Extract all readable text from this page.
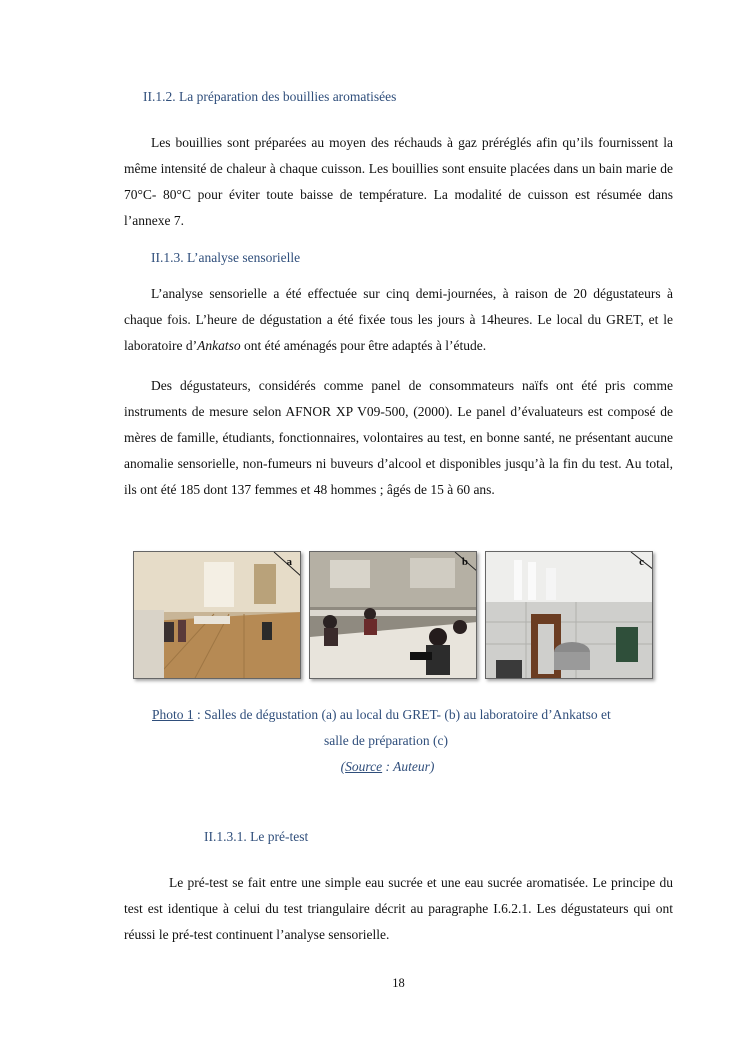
II.1.2. La préparation des bouillies aromatisées

Les bouillies sont préparées au moyen des réchauds à gaz préréglés afin qu’ils fournissent la même intensité de chaleur à chaque cuisson. Les bouillies sont ensuite placées dans un bain marie de 70°C- 80°C pour éviter toute baisse de température. La modalité de cuisson est résumée dans l’annexe 7.

II.1.3. L’analyse sensorielle

L’analyse sensorielle a été effectuée sur cinq demi-journées, à raison de 20 dégustateurs à chaque fois. L’heure de dégustation a été fixée tous les jours à 14heures. Le local du GRET, et le laboratoire d’Ankatso ont été aménagés pour être adaptés à l’étude.

Des dégustateurs, considérés comme panel de consommateurs naïfs ont été pris comme instruments de mesure selon AFNOR XP V09-500, (2000). Le panel d’évaluateurs est composé de mères de famille, étudiants, fonctionnaires, volontaires au test, en bonne santé, ne présentant aucune anomalie sensorielle, non-fumeurs ni buveurs d’alcool et disponibles jusqu’à la fin du test. Au total, ils ont été 185 dont 137 femmes et 48 hommes ; âgés de 15 à 60 ans.

a	b	c
Photo 1 : Salles de dégustation (a) au local du GRET- (b) au laboratoire d’Ankatso et
salle de préparation (c)
(Source : Auteur)
II.1.3.1. Le pré-test

Le pré-test se fait entre une simple eau sucrée et une eau sucrée aromatisée. Le principe du test est identique à celui du test triangulaire décrit au paragraphe I.6.2.1. Les dégustateurs qui ont réussi le pré-test continuent l’analyse sensorielle.

18
